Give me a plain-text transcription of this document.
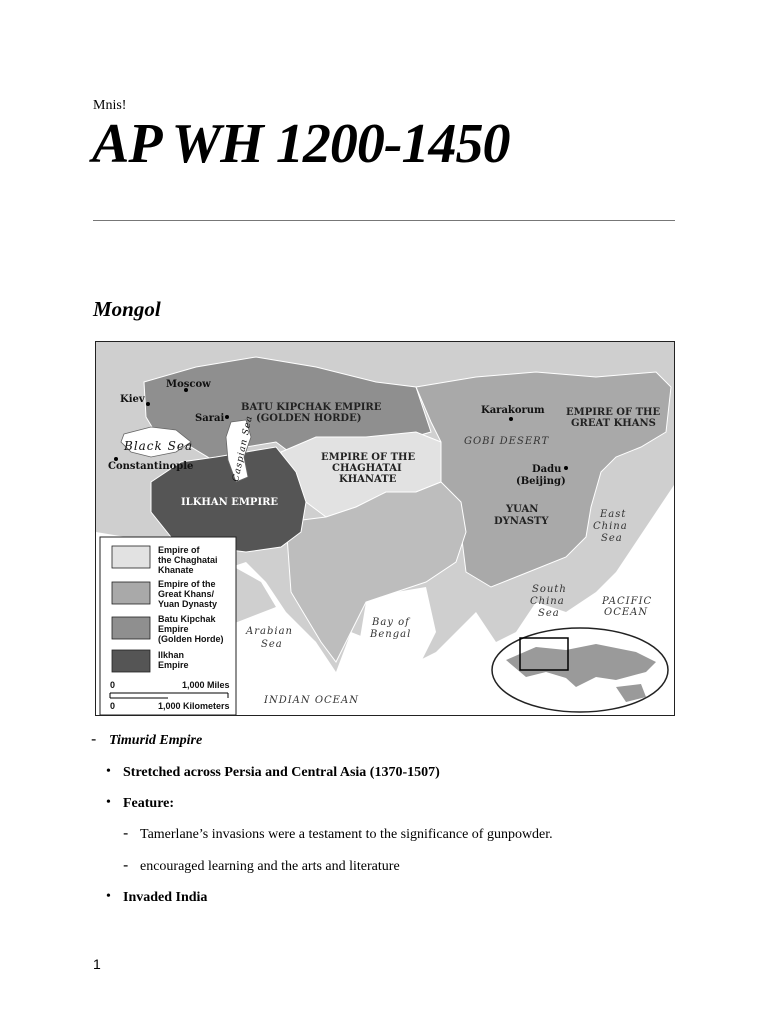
Mnis!
AP WH 1200-1450
Mongol
BATU KIPCHAK EMPIRE
(GOLDEN HORDE)
EMPIRE OF THE
CHAGHATAI
KHANATE
ILKHAN EMPIRE
EMPIRE OF THE
GREAT KHANS
YUAN
DYNASTY
GOBI DESERT
Moscow
Kiev
Sarai
Constantinople
Karakorum
Dadu
(Beijing)
Black Sea	Caspian Sea
Arabian
Sea
Bay of
Bengal
East
China
Sea
South
China
Sea
PACIFIC
OCEAN
INDIAN OCEAN
Empire of
the Chaghatai
Khanate
Empire of the
Great Khans/
Yuan Dynasty
Batu Kipchak
Empire
(Golden Horde)
Ilkhan
Empire
0	1,000 Miles
0	1,000 Kilometers
- Timurid Empire
• Stretched across Persia and Central Asia (1370-1507)
• Feature:
- Tamerlane’s invasions were a testament to the significance of gunpowder.
- encouraged learning and the arts and literature
• Invaded India
1
